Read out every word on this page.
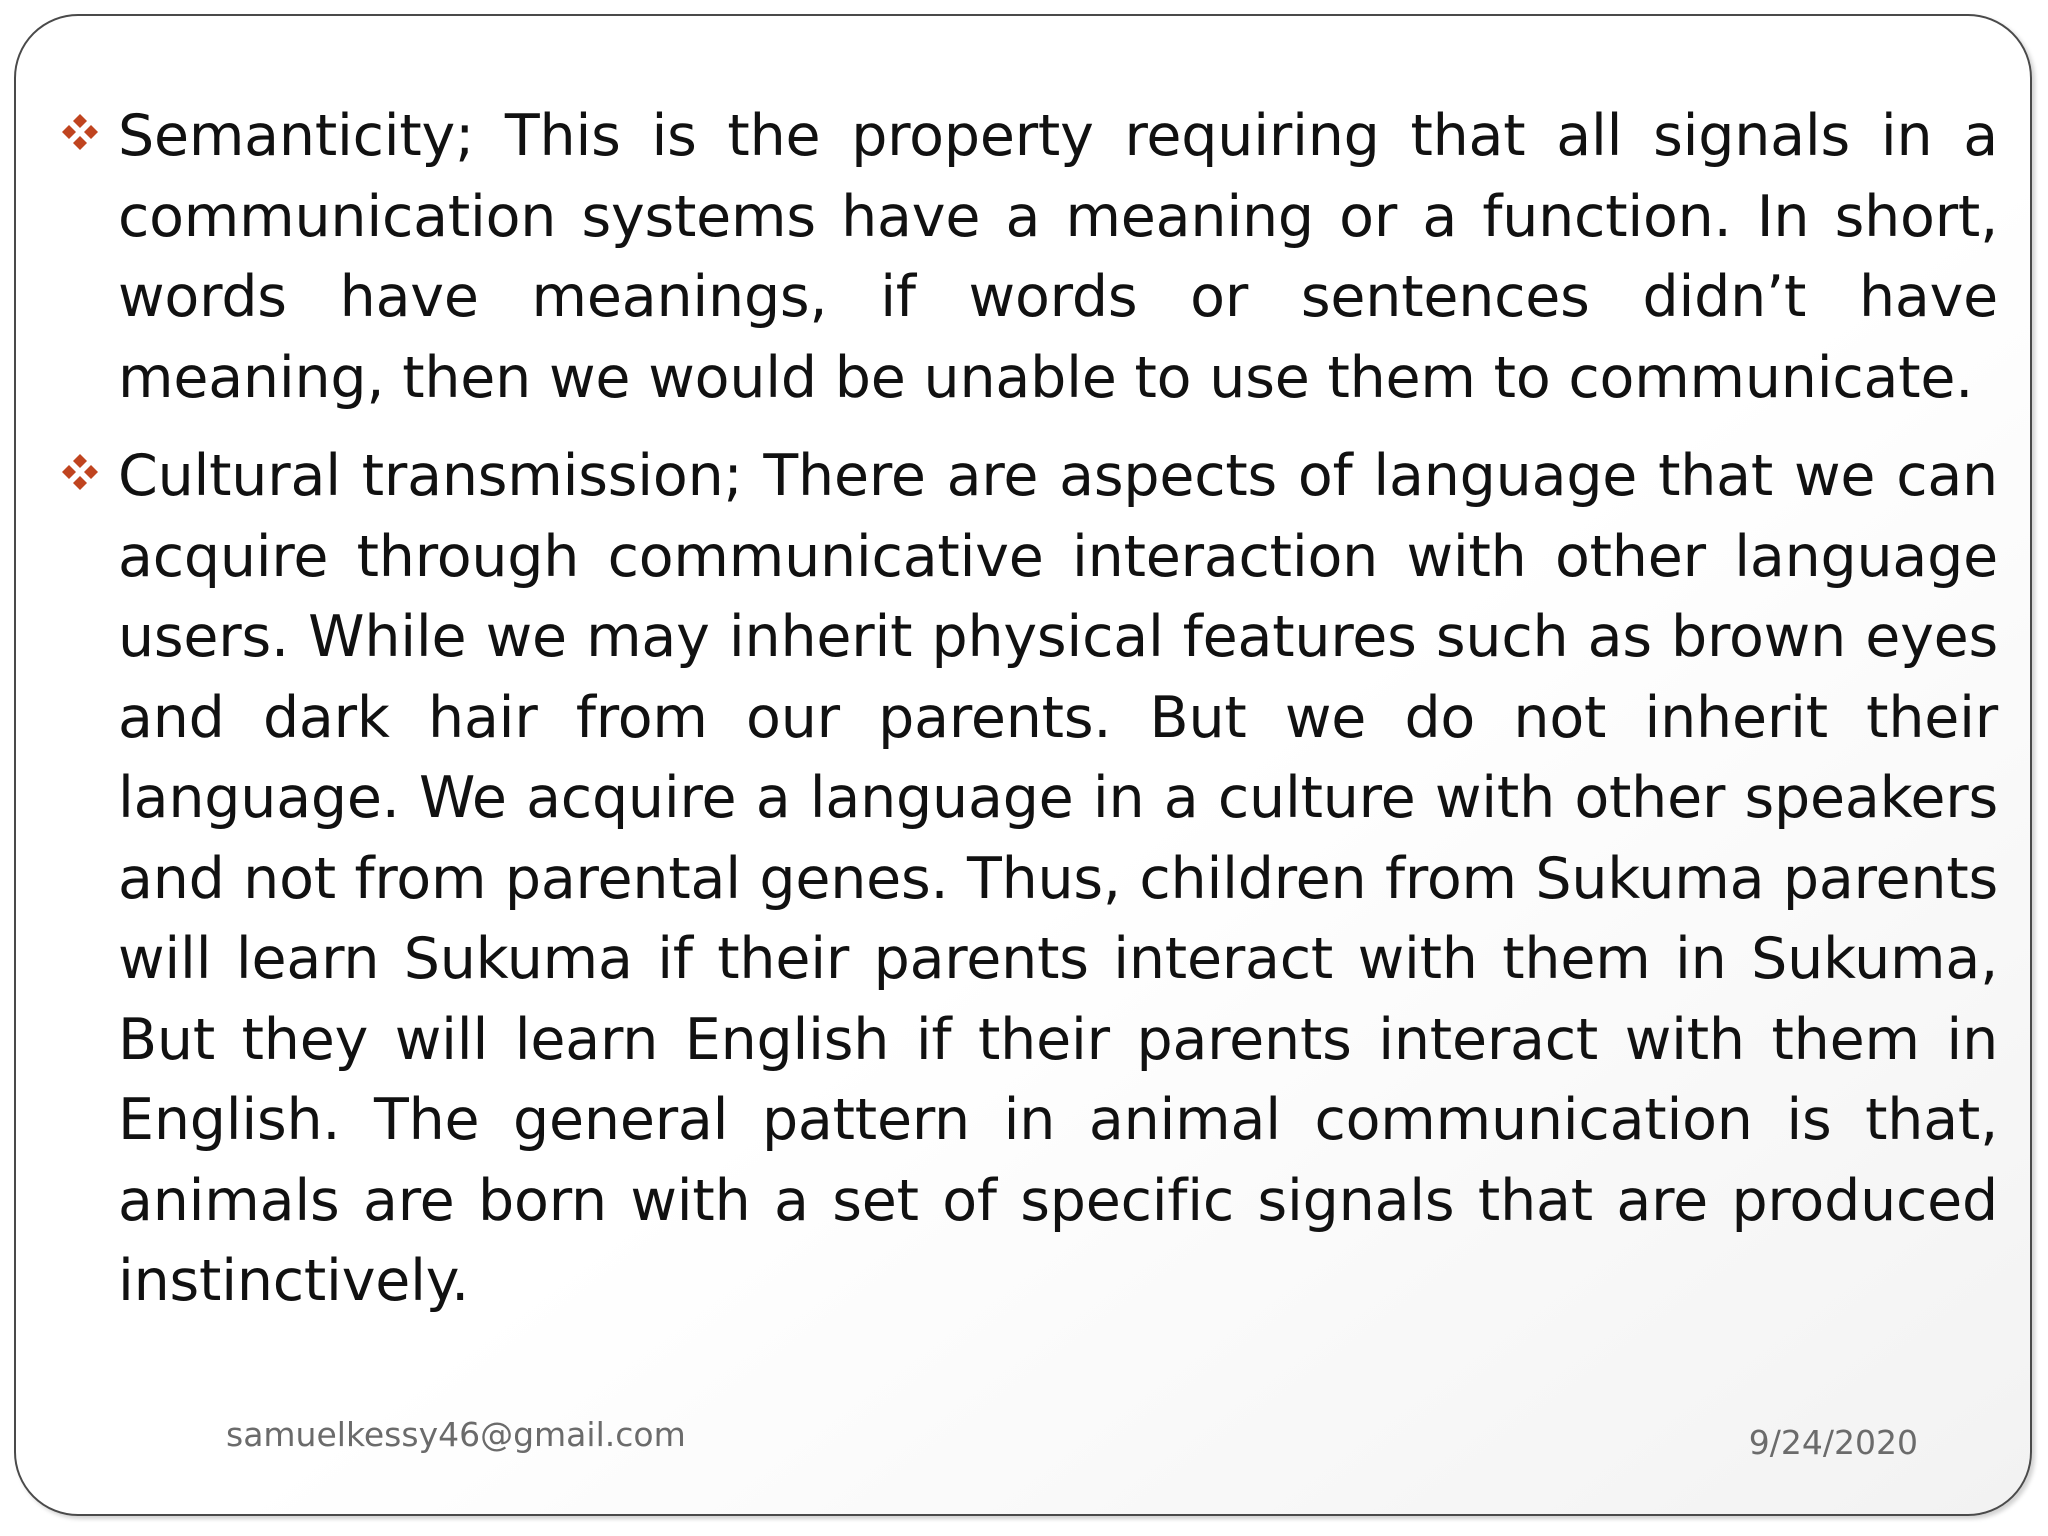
Semanticity; This is the property requiring that all signals in a communication systems have a meaning or a function. In short, words have meanings, if words or sentences didn’t have meaning, then we would be unable to use them to communicate.
Cultural transmission; There are aspects of language that we can acquire through communicative interaction with other language users. While we may inherit physical features such as brown eyes and dark hair from our parents. But we do not inherit their language. We acquire a language in a culture with other speakers and not from parental genes. Thus, children from Sukuma parents will learn Sukuma if their parents interact with them in Sukuma, But they will learn English if their parents interact with them in English. The general pattern in animal communication is that, animals are born with a set of specific signals that are produced instinctively.
samuelkessy46@gmail.com	9/24/2020
